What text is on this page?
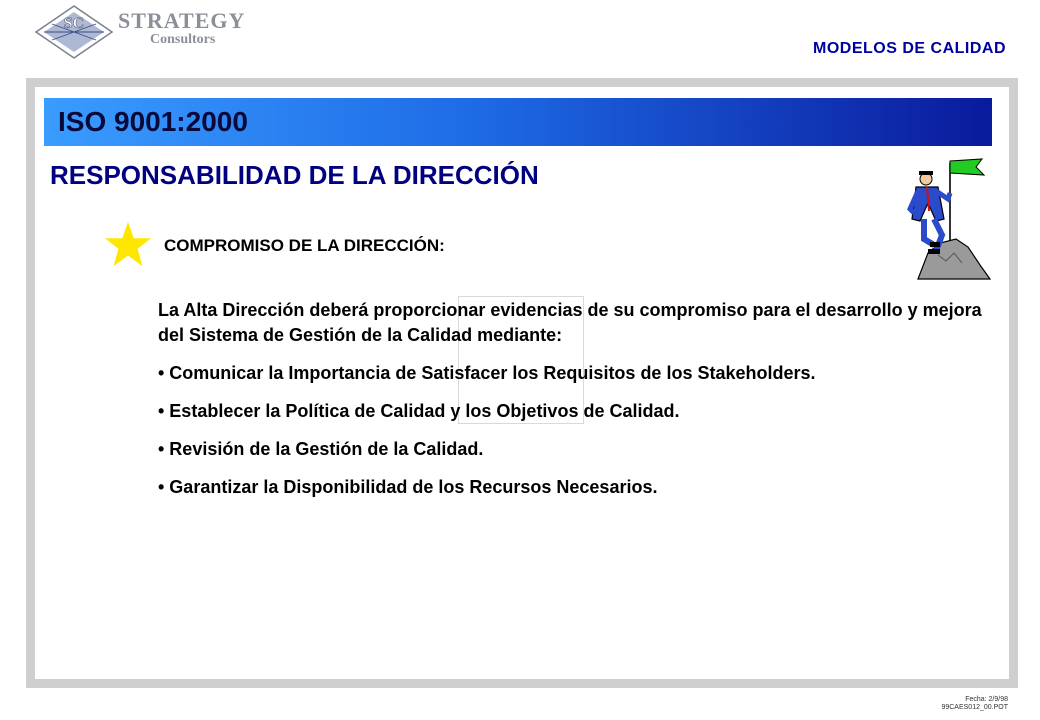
SC STRATEGY
Consultors
MODELOS DE CALIDAD
ISO 9001:2000
RESPONSABILIDAD DE LA DIRECCIÓN
COMPROMISO DE LA DIRECCIÓN:

La Alta Dirección deberá proporcionar evidencias de su compromiso para el desarrollo y mejora del Sistema de Gestión de la Calidad mediante:

• Comunicar la Importancia de Satisfacer los Requisitos de los Stakeholders.

• Establecer la Política de Calidad y los Objetivos de Calidad.

• Revisión de la Gestión de la Calidad.

• Garantizar la Disponibilidad de los Recursos Necesarios.

Fecha: 2/9/98
99CAES012_00.POT
